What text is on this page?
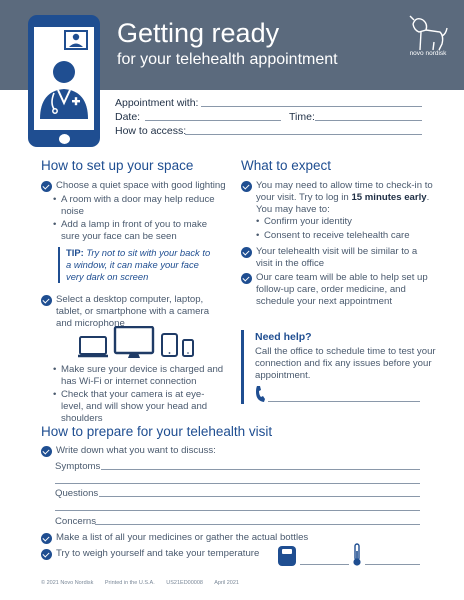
Getting ready
for your telehealth appointment	novo nordisk
Appointment with:
Date:	Time:
How to access:
How to set up your space
Choose a quiet space with good lighting
• A room with a door may help reduce noise
• Add a lamp in front of you to make sure your face can be seen
TIP: Try not to sit with your back to a window, it can make your face very dark on screen
Select a desktop computer, laptop, tablet, or smartphone with a camera and microphone
• Make sure your device is charged and has Wi-Fi or internet connection
• Check that your camera is at eye-level, and will show your head and shoulders
What to expect
You may need to allow time to check-in to your visit. Try to log in 15 minutes early. You may have to:
• Confirm your identity
• Consent to receive telehealth care
Your telehealth visit will be similar to a visit in the office
Our care team will be able to help set up follow-up care, order medicine, and schedule your next appointment
Need help?
Call the office to schedule time to test your connection and fix any issues before your appointment.
How to prepare for your telehealth visit
Write down what you want to discuss:
Symptoms
Questions
Concerns
Make a list of all your medicines or gather the actual bottles
Try to weigh yourself and take your temperature
© 2021 Novo Nordisk Printed in the U.S.A. US21ED00008 April 2021
